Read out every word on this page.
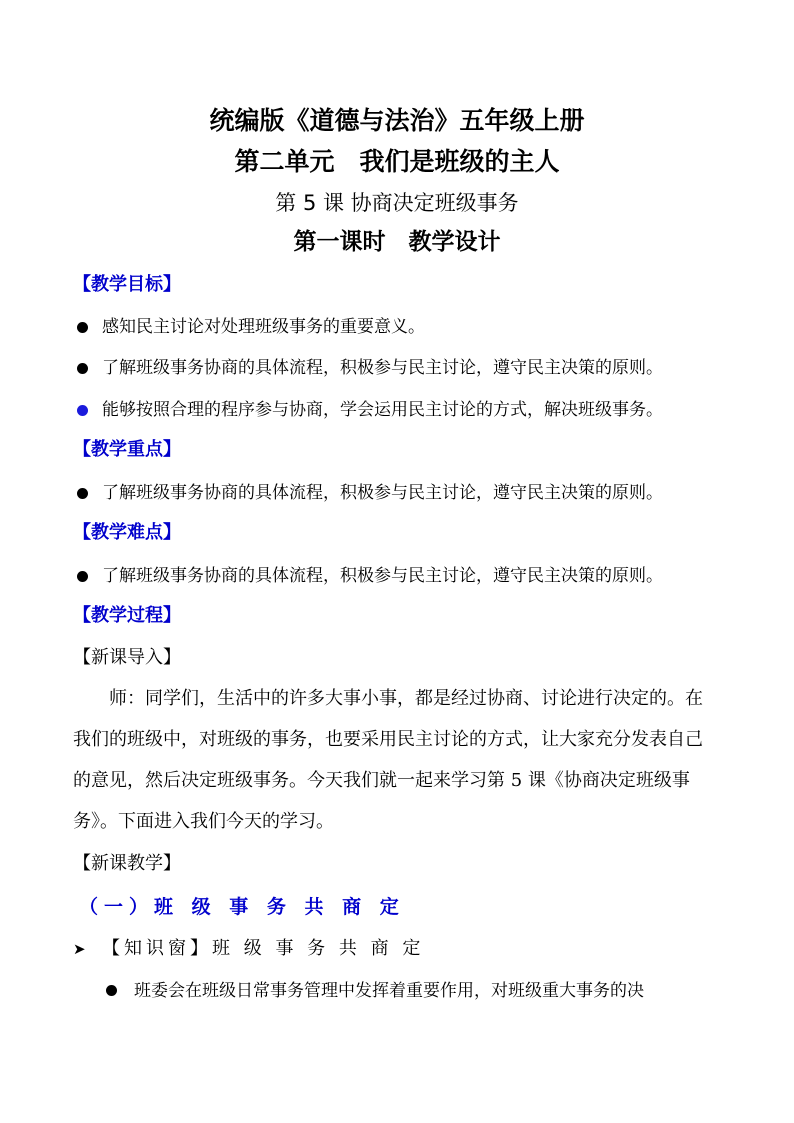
统编版《道德与法治》五年级上册
第二单元　我们是班级的主人
第 5 课 协商决定班级事务
第一课时　教学设计
【教学目标】
感知民主讨论对处理班级事务的重要意义。
了解班级事务协商的具体流程，积极参与民主讨论，遵守民主决策的原则。
能够按照合理的程序参与协商，学会运用民主讨论的方式，解决班级事务。
【教学重点】
了解班级事务协商的具体流程，积极参与民主讨论，遵守民主决策的原则。
【教学难点】
了解班级事务协商的具体流程，积极参与民主讨论，遵守民主决策的原则。
【教学过程】
【新课导入】
　　师：同学们，生活中的许多大事小事，都是经过协商、讨论进行决定的。在
我们的班级中，对班级的事务，也要采用民主讨论的方式，让大家充分发表自己
的意见，然后决定班级事务。今天我们就一起来学习第 5 课《协商决定班级事
务》。下面进入我们今天的学习。
【新课教学】
（一）班 级 事 务 共 商 定
➤ 【知识窗】班 级 事 务 共 商 定
班委会在班级日常事务管理中发挥着重要作用，对班级重大事务的决
